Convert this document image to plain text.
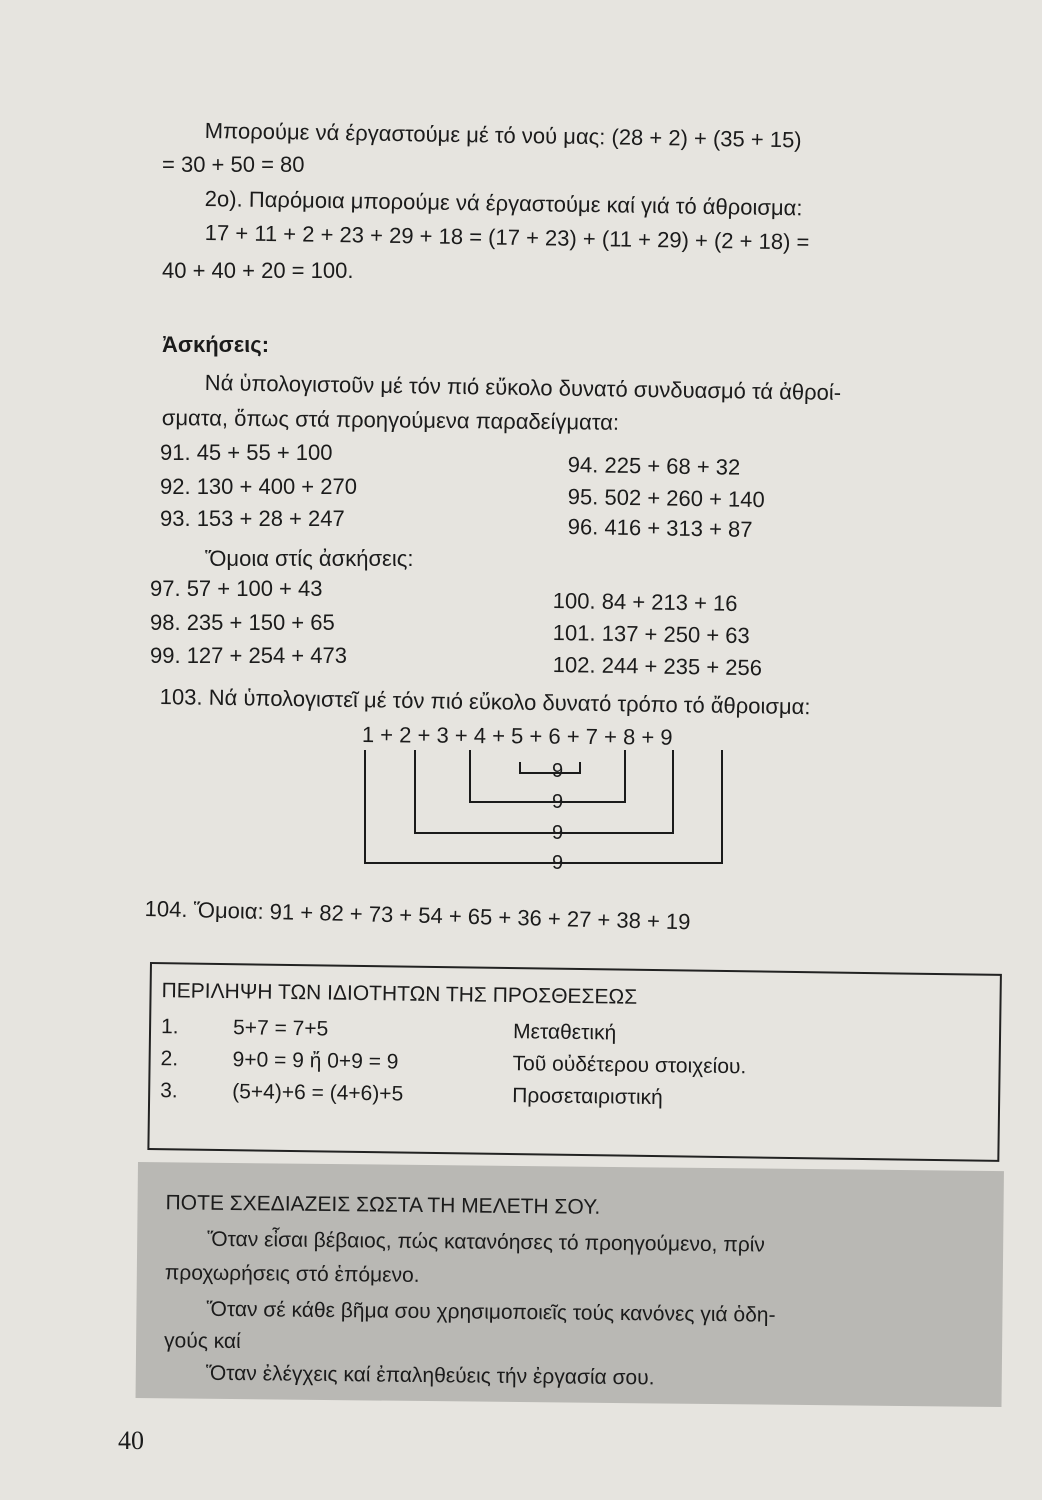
Μπορούμε νά έργαστούμε μέ τό νού μας: (28 + 2) + (35 + 15)
= 30 + 50 = 80
2ο). Παρόμοια μπορούμε νά έργαστούμε καί γιά τό άθροισμα:
17 + 11 + 2 + 23 + 29 + 18 = (17 + 23) + (11 + 29) + (2 + 18) =
40 + 40 + 20 = 100.
Ἀσκήσεις:
Νά ὑπολογιστοῦν μέ τόν πιό εὔκολο δυνατό συνδυασμό τά ἀθροί-
σματα, ὅπως στά προηγούμενα παραδείγματα:
91. 45 + 55 + 100
92. 130 + 400 + 270
93. 153 + 28 + 247
94. 225 + 68 + 32
95. 502 + 260 + 140
96. 416 + 313 + 87
Ὅμοια στίς ἀσκήσεις:
97. 57 + 100 + 43
98. 235 + 150 + 65
99. 127 + 254 + 473
100. 84 + 213 + 16
101. 137 + 250 + 63
102. 244 + 235 + 256
103. Νά ὑπολογιστεῖ μέ τόν πιό εὔκολο δυνατό τρόπο τό ἄθροισμα:
1 + 2 + 3 + 4 + 5 + 6 + 7 + 8 + 9
9
9
9
9
104. Ὅμοια: 91 + 82 + 73 + 54 + 65 + 36 + 27 + 38 + 19
ΠΕΡΙΛΗΨΗ ΤΩΝ ΙΔΙΟΤΗΤΩΝ ΤΗΣ ΠΡΟΣΘΕΣΕΩΣ
1.	5+7 = 7+5	Μεταθετική
2.	9+0 = 9 ἤ 0+9 = 9	Τοῦ οὐδέτερου στοιχείου.
3.	(5+4)+6 = (4+6)+5	Προσεταιριστική
ΠΟΤΕ ΣΧΕΔΙΑΖΕΙΣ ΣΩΣΤΑ ΤΗ ΜΕΛΕΤΗ ΣΟΥ.
Ὅταν εἶσαι βέβαιος, πώς κατανόησες τό προηγούμενο, πρίν
προχωρήσεις στό ἑπόμενο.
Ὅταν σέ κάθε βῆμα σου χρησιμοποιεῖς τούς κανόνες γιά ὁδη-
γούς καί
Ὅταν ἐλέγχεις καί ἐπαληθεύεις τήν ἐργασία σου.
40
